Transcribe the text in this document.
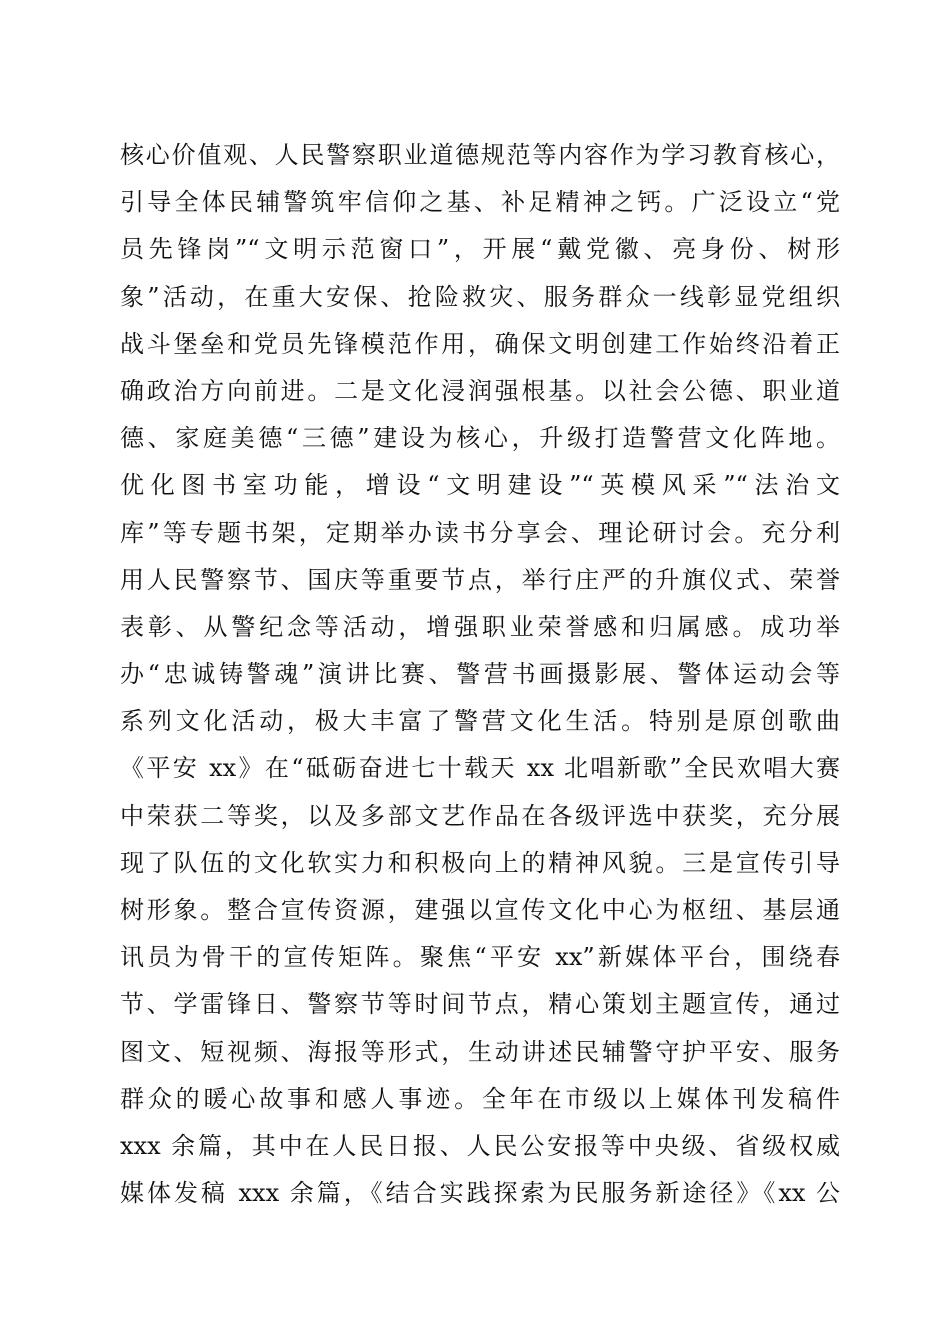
核心价值观、人民警察职业道德规范等内容作为学习教育核心，
引导全体民辅警筑牢信仰之基、补足精神之钙。广泛设立“党
员先锋岗”“文明示范窗口”，开展“戴党徽、亮身份、树形
象”活动，在重大安保、抢险救灾、服务群众一线彰显党组织
战斗堡垒和党员先锋模范作用，确保文明创建工作始终沿着正
确政治方向前进。二是文化浸润强根基。以社会公德、职业道
德、家庭美德“三德”建设为核心，升级打造警营文化阵地。
优化图书室功能，增设“文明建设”“英模风采”“法治文
库”等专题书架，定期举办读书分享会、理论研讨会。充分利
用人民警察节、国庆等重要节点，举行庄严的升旗仪式、荣誉
表彰、从警纪念等活动，增强职业荣誉感和归属感。成功举
办“忠诚铸警魂”演讲比赛、警营书画摄影展、警体运动会等
系列文化活动，极大丰富了警营文化生活。特别是原创歌曲
《平安 xx》在“砥砺奋进七十载天 xx 北唱新歌”全民欢唱大赛
中荣获二等奖，以及多部文艺作品在各级评选中获奖，充分展
现了队伍的文化软实力和积极向上的精神风貌。三是宣传引导
树形象。整合宣传资源，建强以宣传文化中心为枢纽、基层通
讯员为骨干的宣传矩阵。聚焦“平安 xx”新媒体平台，围绕春
节、学雷锋日、警察节等时间节点，精心策划主题宣传，通过
图文、短视频、海报等形式，生动讲述民辅警守护平安、服务
群众的暖心故事和感人事迹。全年在市级以上媒体刊发稿件
xxx 余篇，其中在人民日报、人民公安报等中央级、省级权威
媒体发稿 xxx 余篇，《结合实践探索为民服务新途径》《xx 公
